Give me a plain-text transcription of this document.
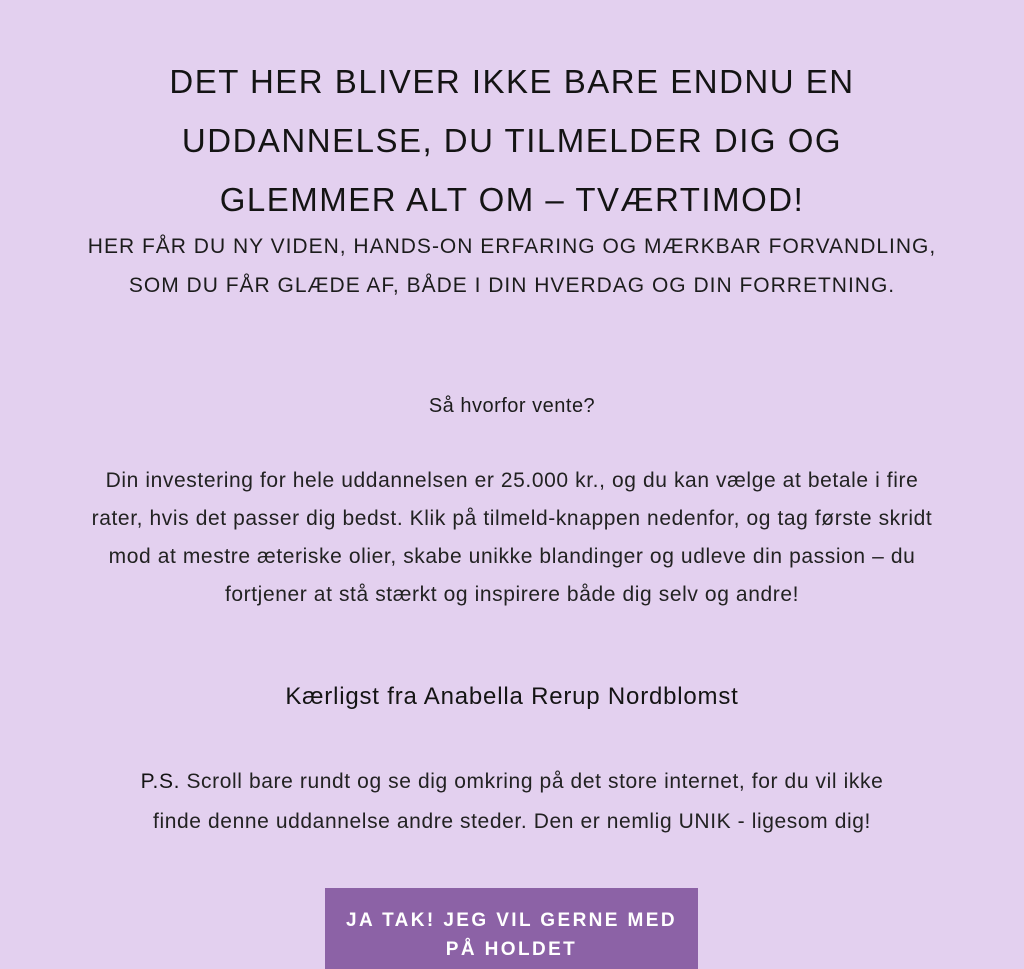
DET HER BLIVER IKKE BARE ENDNU EN UDDANNELSE, DU TILMELDER DIG OG GLEMMER ALT OM – TVÆRTIMOD!

HER FÅR DU NY VIDEN, HANDS-ON ERFARING OG MÆRKBAR FORVANDLING, SOM DU FÅR GLÆDE AF, BÅDE I DIN HVERDAG OG DIN FORRETNING.

Så hvorfor vente?

Din investering for hele uddannelsen er 25.000 kr., og du kan vælge at betale i fire rater, hvis det passer dig bedst. Klik på tilmeld-knappen nedenfor, og tag første skridt mod at mestre æteriske olier, skabe unikke blandinger og udleve din passion – du fortjener at stå stærkt og inspirere både dig selv og andre!

Kærligst fra Anabella Rerup Nordblomst

P.S. Scroll bare rundt og se dig omkring på det store internet, for du vil ikke finde denne uddannelse andre steder. Den er nemlig UNIK - ligesom dig!

JA TAK! JEG VIL GERNE MED PÅ HOLDET
